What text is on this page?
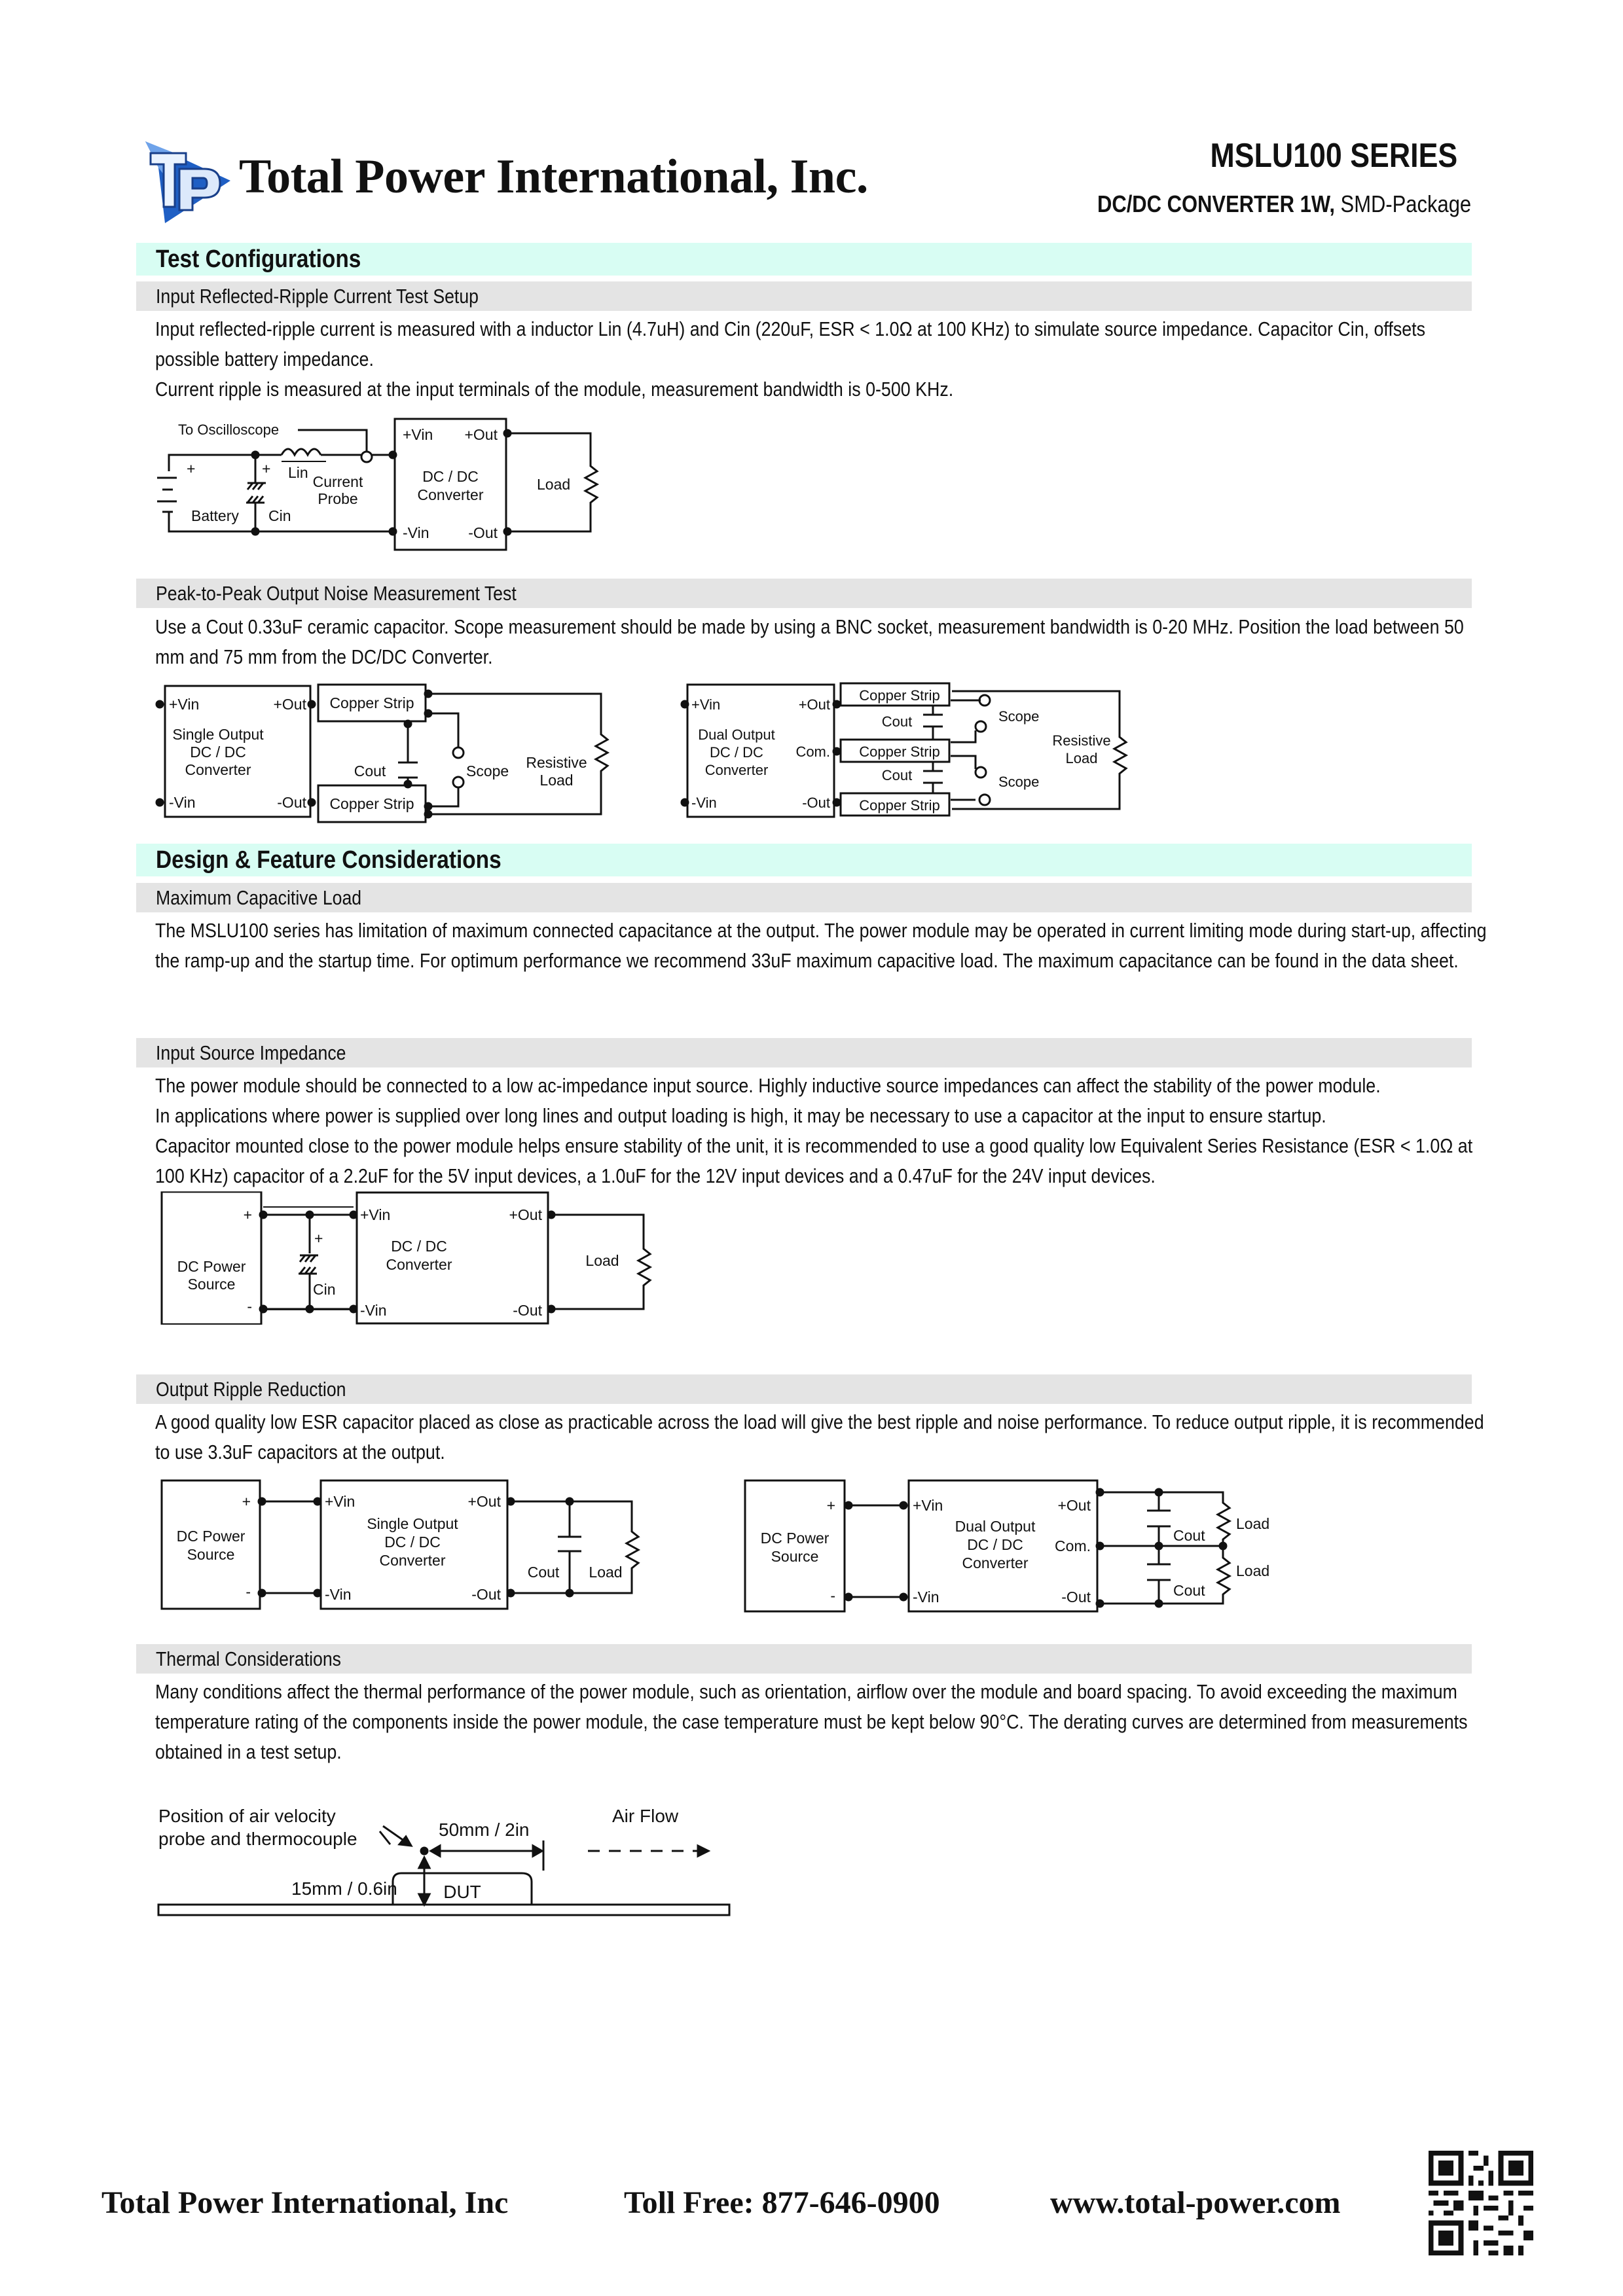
Total Power International, Inc.	MSLU100 SERIES
DC/DC CONVERTER 1W, SMD-Package
Test Configurations
Input Reflected-Ripple Current Test Setup

Input reflected-ripple current is measured with a inductor Lin (4.7uH) and Cin (220uF, ESR < 1.0Ω at 100 KHz) to simulate source impedance. Capacitor Cin, offsets possible battery impedance.

Current ripple is measured at the input terminals of the module, measurement bandwidth is 0-500 KHz.

To Oscilloscope
+	+ Lin
Battery Cin
Current
Probe
+Vin +Out
DC / DC
Converter
-Vin	-Out
Load
Peak-to-Peak Output Noise Measurement Test

Use a Cout 0.33uF ceramic capacitor. Scope measurement should be made by using a BNC socket, measurement bandwidth is 0-20 MHz. Position the load between 50 mm and 75 mm from the DC/DC Converter.

+Vin	+Out
-Vin	-Out
Single Output
DC / DC
Converter
Copper Strip
Copper Strip
Cout	Scope Resistive
Load
+Vin	+Out
Com.
-Vin	-Out
Dual Output
DC / DC
Converter
Copper Strip
Copper Strip
Copper Strip
Cout
Cout
Scope
Scope
Resistive
Load
Design & Feature Considerations
Maximum Capacitive Load

The MSLU100 series has limitation of maximum connected capacitance at the output. The power module may be operated in current limiting mode during start-up, affecting the ramp-up and the startup time. For optimum performance we recommend 33uF maximum capacitive load. The maximum capacitance can be found in the data sheet.

Input Source Impedance

The power module should be connected to a low ac-impedance input source. Highly inductive source impedances can affect the stability of the power module.

In applications where power is supplied over long lines and output loading is high, it may be necessary to use a capacitor at the input to ensure startup.

Capacitor mounted close to the power module helps ensure stability of the unit, it is recommended to use a good quality low Equivalent Series Resistance (ESR < 1.0Ω at 100 KHz) capacitor of a 2.2uF for the 5V input devices, a 1.0uF for the 12V input devices and a 0.47uF for the 24V input devices.

+
-
DC Power
Source
+
Cin
+Vin	+Out
-Vin	-Out
DC / DC
Converter	Load
Output Ripple Reduction

A good quality low ESR capacitor placed as close as practicable across the load will give the best ripple and noise performance. To reduce output ripple, it is recommended to use 3.3uF capacitors at the output.

+
-
DC Power
Source
+Vin	+Out
-Vin	-Out
Single Output
DC / DC
Converter
Cout Load
+
-
DC Power
Source
+Vin	+Out
Com.
-Vin	-Out
Dual Output
DC / DC
Converter
Cout
Cout
Load
Load
Thermal Considerations

Many conditions affect the thermal performance of the power module, such as orientation, airflow over the module and board spacing. To avoid exceeding the maximum temperature rating of the components inside the power module, the case temperature must be kept below 90°C. The derating curves are determined from measurements obtained in a test setup.

Position of air velocity
probe and thermocouple	50mm / 2in
Air Flow
15mm / 0.6in	DUT
Total Power International, Inc	Toll Free: 877-646-0900	www.total-power.com
